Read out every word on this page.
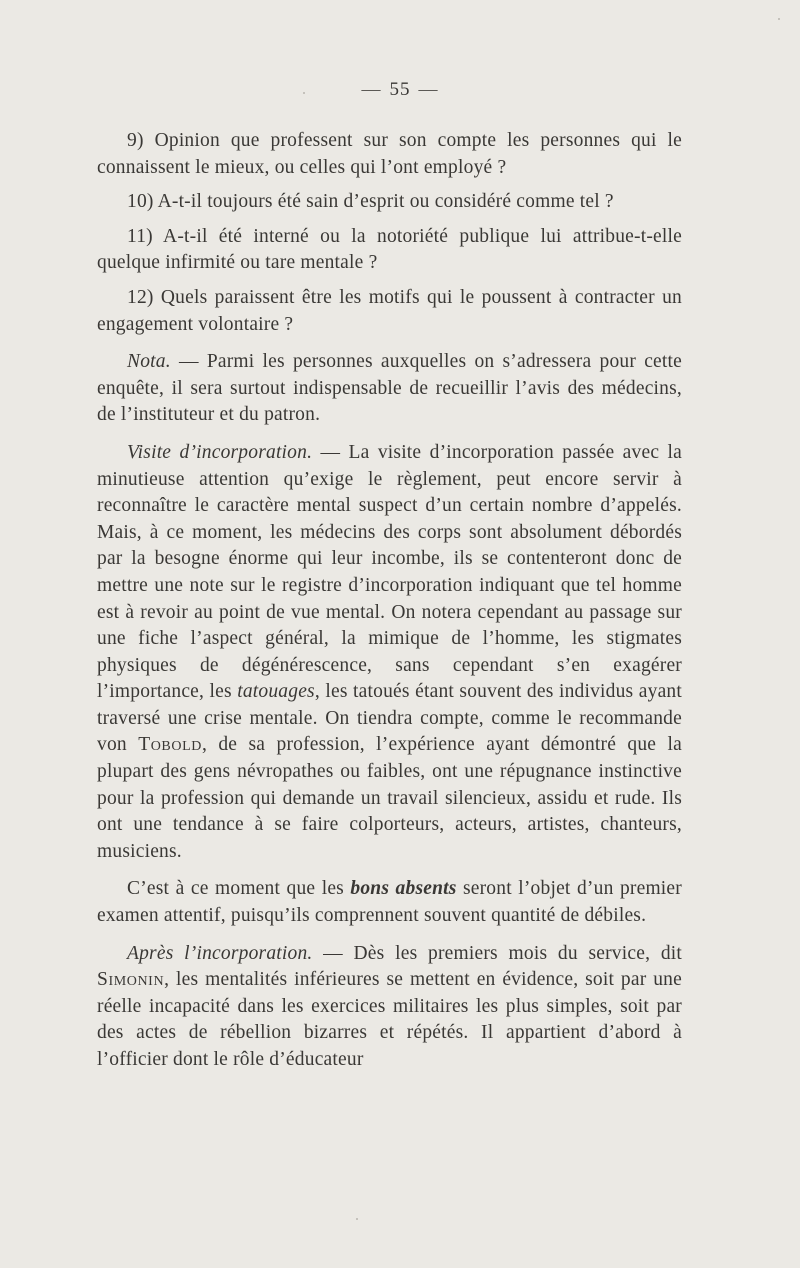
— 55 —

9) Opinion que professent sur son compte les personnes qui le connaissent le mieux, ou celles qui l’ont employé ?

10) A-t-il toujours été sain d’esprit ou considéré comme tel ?

11) A-t-il été interné ou la notoriété publique lui attribue-t-elle quelque infirmité ou tare mentale ?

12) Quels paraissent être les motifs qui le poussent à contracter un engagement volontaire ?

Nota. — Parmi les personnes auxquelles on s’adressera pour cette enquête, il sera surtout indispensable de recueillir l’avis des médecins, de l’instituteur et du patron.

Visite d’incorporation. — La visite d’incorporation passée avec la minutieuse attention qu’exige le règlement, peut encore servir à reconnaître le caractère mental suspect d’un certain nombre d’appelés. Mais, à ce moment, les médecins des corps sont absolument débordés par la besogne énorme qui leur incombe, ils se contenteront donc de mettre une note sur le registre d’incorporation indiquant que tel homme est à revoir au point de vue mental. On notera cependant au passage sur une fiche l’aspect général, la mimique de l’homme, les stigmates physiques de dégénérescence, sans cependant s’en exagérer l’importance, les tatouages, les tatoués étant souvent des individus ayant traversé une crise mentale. On tiendra compte, comme le recommande von Tobold, de sa profession, l’expérience ayant démontré que la plupart des gens névropathes ou faibles, ont une répugnance instinctive pour la profession qui demande un travail silencieux, assidu et rude. Ils ont une tendance à se faire colporteurs, acteurs, artistes, chanteurs, musiciens.

C’est à ce moment que les bons absents seront l’objet d’un premier examen attentif, puisqu’ils comprennent souvent quantité de débiles.

Après l’incorporation. — Dès les premiers mois du service, dit Simonin, les mentalités inférieures se mettent en évidence, soit par une réelle incapacité dans les exercices militaires les plus simples, soit par des actes de rébellion bizarres et répétés. Il appartient d’abord à l’officier dont le rôle d’éducateur
